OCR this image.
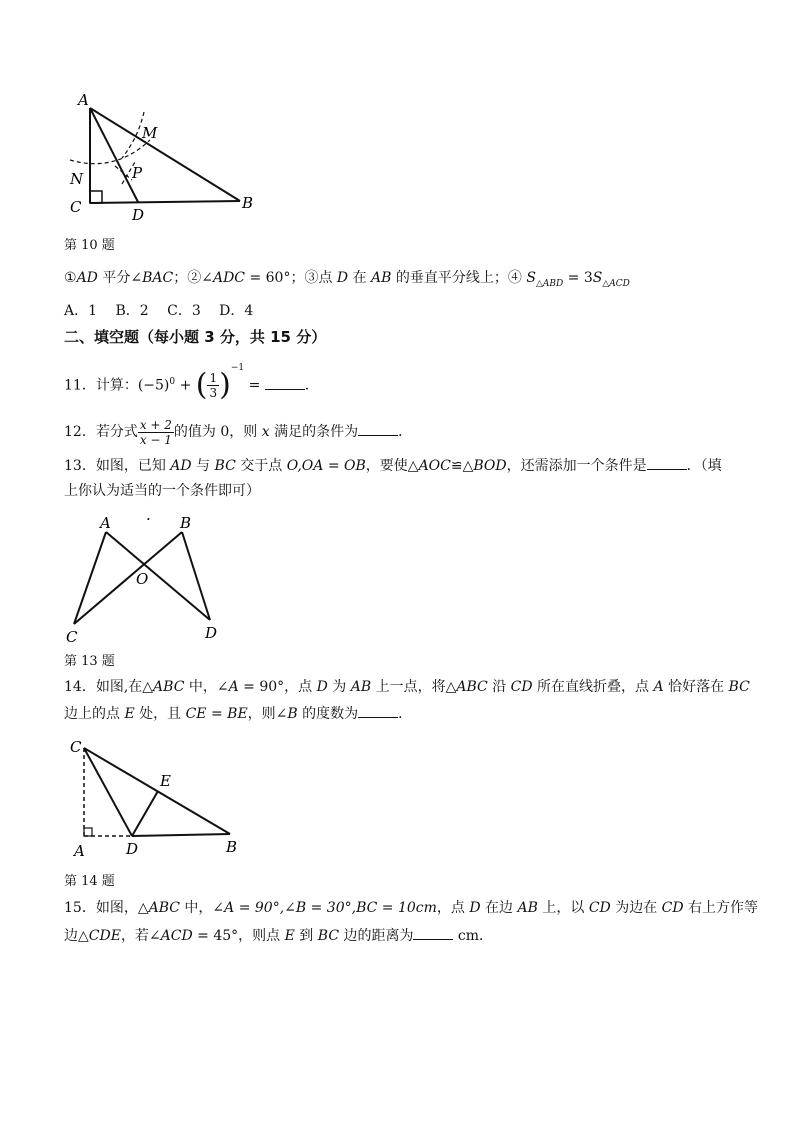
A
M
N	P
C	D
B
第 10 题
①AD 平分∠BAC；②∠ADC = 60°；③点 D 在 AB 的垂直平分线上；④ $S_{\triangle ABD} = 3S_{\triangle ACD}$
A．1　 B．2　 C．3　 D．4
二、填空题（每小题 3 分，共 15 分）
11．计算：$(-5)^0$ + ( $\frac{1}{3} )^{-1}$ =	．
12．若分式 $\frac{x + 2}{x - 1}$ 的值为 0，则 x 满足的条件为	．
13．如图，已知 AD 与 BC 交于点 O,OA = OB，要使△AOC≌△BOD，还需添加一个条件是	．（填
上你认为适当的一个条件即可）
A · B
O
C	D
第 13 题
14．如图,在△ABC 中，∠A = 90°，点 D 为 AB 上一点，将△ABC 沿 CD 所在直线折叠，点 A 恰好落在 BC
边上的点 E 处，且 CE = BE，则∠B 的度数为	．
C
E
A	D	B
第 14 题
15．如图，△ABC 中，∠A = 90°,∠B = 30°,BC = 10cm，点 D 在边 AB 上，以 CD 为边在 CD 右上方作等
边△CDE，若∠ACD = 45°，则点 E 到 BC 边的距离为	cm．
